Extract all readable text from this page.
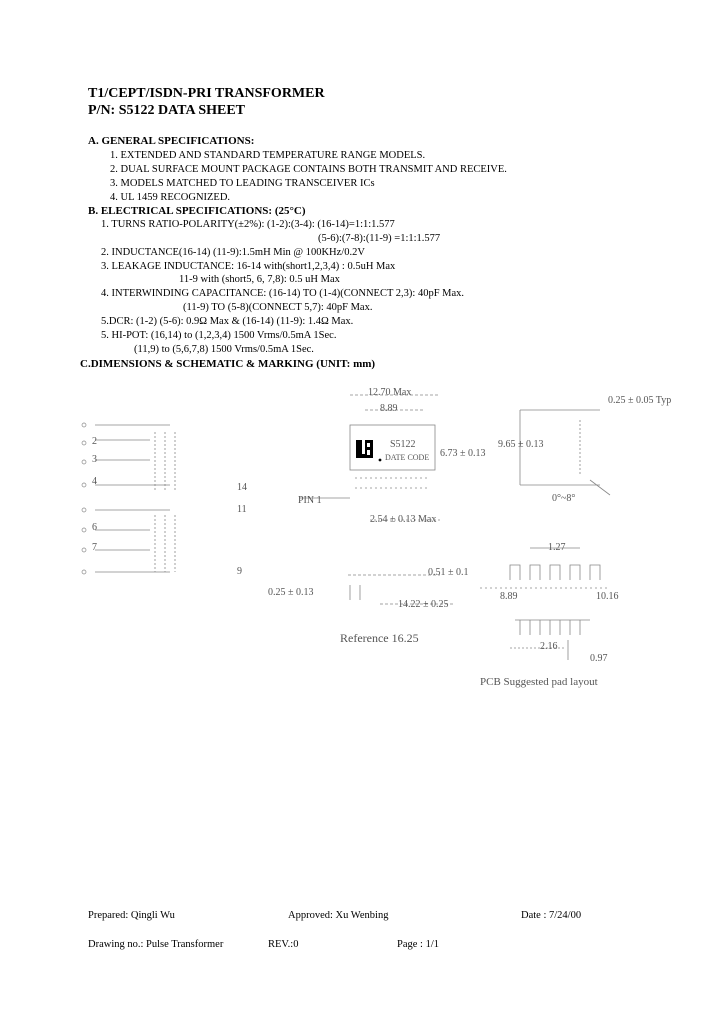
T1/CEPT/ISDN-PRI TRANSFORMER
P/N: S5122 DATA SHEET
A. GENERAL SPECIFICATIONS:
1. EXTENDED AND STANDARD TEMPERATURE RANGE MODELS.
2. DUAL SURFACE MOUNT PACKAGE CONTAINS BOTH TRANSMIT AND RECEIVE.
3. MODELS MATCHED TO LEADING TRANSCEIVER ICs
4. UL 1459 RECOGNIZED.
B. ELECTRICAL SPECIFICATIONS: (25°C)
1. TURNS RATIO-POLARITY(±2%): (1-2):(3-4): (16-14)=1:1:1.577
(5-6):(7-8):(11-9) =1:1:1.577
2. INDUCTANCE(16-14) (11-9):1.5mH Min @ 100KHz/0.2V
3. LEAKAGE INDUCTANCE: 16-14 with(short1,2,3,4) : 0.5uH Max
11-9 with (short5, 6, 7,8): 0.5 uH Max
4. INTERWINDING CAPACITANCE: (16-14) TO (1-4)(CONNECT 2,3): 40pF Max.
(11-9) TO (5-8)(CONNECT 5,7): 40pF Max.
5.DCR: (1-2) (5-6): 0.9Ω Max & (16-14) (11-9): 1.4Ω Max.
5. HI-POT: (16,14) to (1,2,3,4) 1500 Vrms/0.5mA 1Sec.
(11,9) to (5,6,7,8) 1500 Vrms/0.5mA 1Sec.
C.DIMENSIONS & SCHEMATIC & MARKING (UNIT: mm)
2
3
4
6
7
14
11
9
12.70 Max
8.89
S5122
DATE CODE 6.73 ± 0.13
9.65 ± 0.13
0.25 ± 0.05 Typ
0°~8°
PIN 1
2.54 ± 0.13 Max
0.51 ± 0.1
0.25 ± 0.13
14.22 ± 0.25
1.27
8.89	10.16
2.16
0.97
Reference 16.25
PCB Suggested pad layout
Prepared: Qingli Wu	Approved: Xu Wenbing	Date : 7/24/00
Drawing no.: Pulse Transformer	REV.:0	Page : 1/1
